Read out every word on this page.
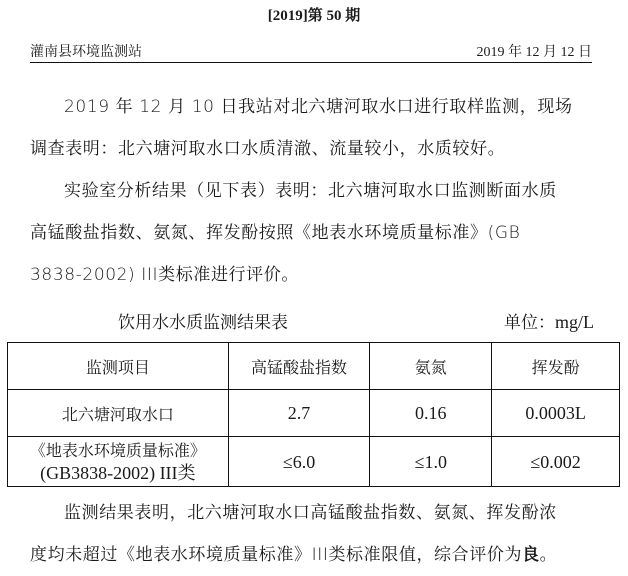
[2019]第 50 期
灌南县环境监测站	2019 年 12 月 12 日
2019 年 12 月 10 日我站对北六塘河取水口进行取样监测，现场
调查表明：北六塘河取水口水质清澈、流量较小，水质较好。
实验室分析结果（见下表）表明：北六塘河取水口监测断面水质
高锰酸盐指数、氨氮、挥发酚按照《地表水环境质量标准》(GB
3838-2002) III类标准进行评价。
饮用水水质监测结果表	单位：mg/L
监测项目	高锰酸盐指数	氨氮	挥发酚
北六塘河取水口	2.7	0.16	0.0003L

《地表水环境质量标准》
(GB3838-2002) III类	≤6.0	≤1.0	≤0.002
监测结果表明，北六塘河取水口高锰酸盐指数、氨氮、挥发酚浓
度均未超过《地表水环境质量标准》III类标准限值，综合评价为良。
